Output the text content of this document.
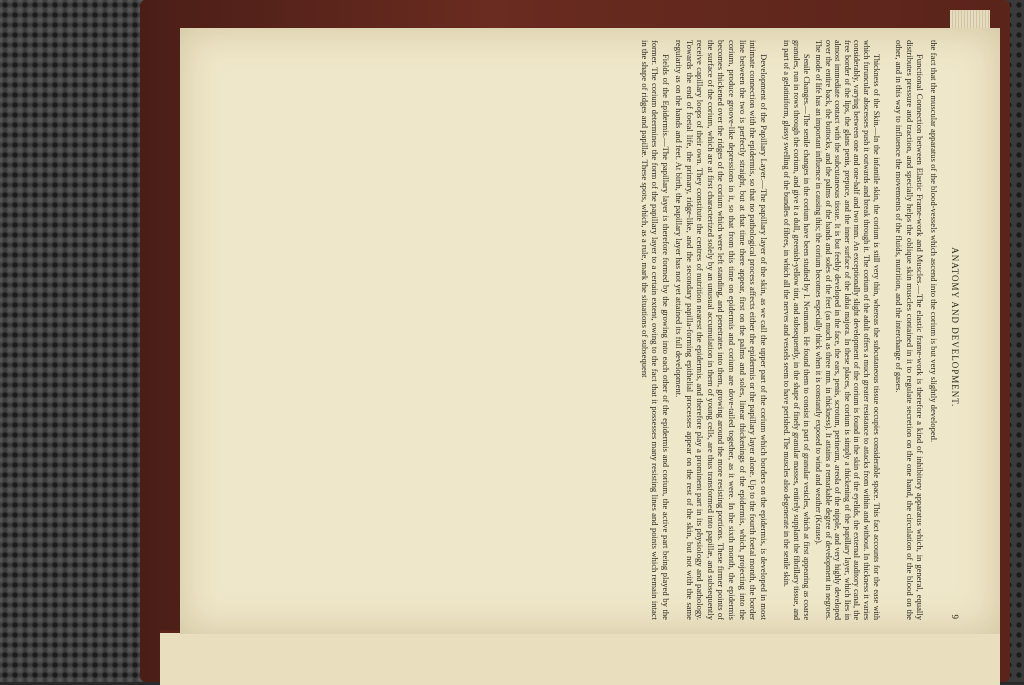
ANATOMY AND DEVELOPMENT.
9

the fact that the muscular apparatus of the blood-vessels which ascend into the corium is but very slightly developed.

Functional Connection between Elastic Frame-work and Muscles.—The elastic frame-work is therefore a kind of inhibitory apparatus which, in general, equally distributes pressure and traction, and specially helps the oblique skin muscles contained in it to regulate secretion on the one hand, the circulation of the blood on the other, and in this way to influence the movements of the fluids, nutrition, and the interchange of gases.

Thickness of the Skin.—In the infantile skin, the corium is still very thin, whereas the subcutaneous tissue occupies considerable space. This fact accounts for the ease with which furuncular abscesses push it outwards and break through it. The corium of the adult offers a much greater resistance to attacks from within and without. In thickness it varies considerably, varying between one and one-half and two mm. An exceptionally slight development of the corium is found in the skin of the eyelids, the external auditory canal, the free border of the lips, the glans penis, prepuce, and the inner surface of the labia majora. In these places, the corium is simply a thickening of the papillary layer, which lies in almost immediate contact with the subcutaneous tissue. It is but feebly developed in the face, the ears, penis, scrotum, perineum, areola of the nipple, and very highly developed over the entire back, the buttocks, and the palms of the hands and soles of the feet (as much as three mm. in thickness). It attains a remarkable degree of development in negroes. The mode of life has an important influence in causing this; the corium becomes especially thick when it is constantly exposed to wind and weather (Krause).

Senile Changes.—The senile changes in the corium have been studied by I. Neumann. He found them to consist in part of granular vesicles, which at first appearing as coarse granules, run in rows through the corium, and give it a dull, greenish-yellow tint, and subsequently, in the shape of finely granular masses, entirely supplant the fibrillary tissue, and in part of a gelatiniform, glassy swelling of the bundles of fibres, in which all the nerves and vessels seem to have perished. The muscles also degenerate in the senile skin.

Development of the Papillary Layer.—The papillary layer of the skin, as we call the upper part of the corium which borders on the epidermis, is developed in most intimate connection with the epidermis, so that no pathological process affects either the epidermis or the papillary layer alone. Up to the fourth foetal month, the border line between the two is perfectly straight, but at that time there appear, first on the palms and soles, linear thickenings of the epidermis, which, projecting into the corium, produce groove-like depressions in it, so that from this time on epidermis and corium are dove-tailed together, as it were. In the sixth month, the epidermis becomes thickened over the ridges of the corium which were left standing, and penetrates into them, growing around the more resisting portions. These firmer points of the surface of the corium, which are at first characterized solely by an unusual accumulation in them of young cells, are thus transformed into papillæ, and subsequently receive capillary loops of their own. They constitute the centres of nutrition nearest the epidermis, and therefore play a prominent part in its physiology and pathology. Towards the end of foetal life, the primary, ridge-like, and the secondary papilla-forming epithelial processes appear on the rest of the skin, but not with the same regularity as on the hands and feet. At birth, the papillary layer has not yet attained its full development.

Fields of the Epidermis.—The papillary layer is therefore formed by the growing into each other of the epidermis and corium, the active part being played by the former. The corium determines the form of the papillary layer to a certain extent, owing to the fact that it possesses many resisting lines and points which remain intact in the shape of ridges and papillæ. These spots, which, as a rule, mark the situations of subsequent
